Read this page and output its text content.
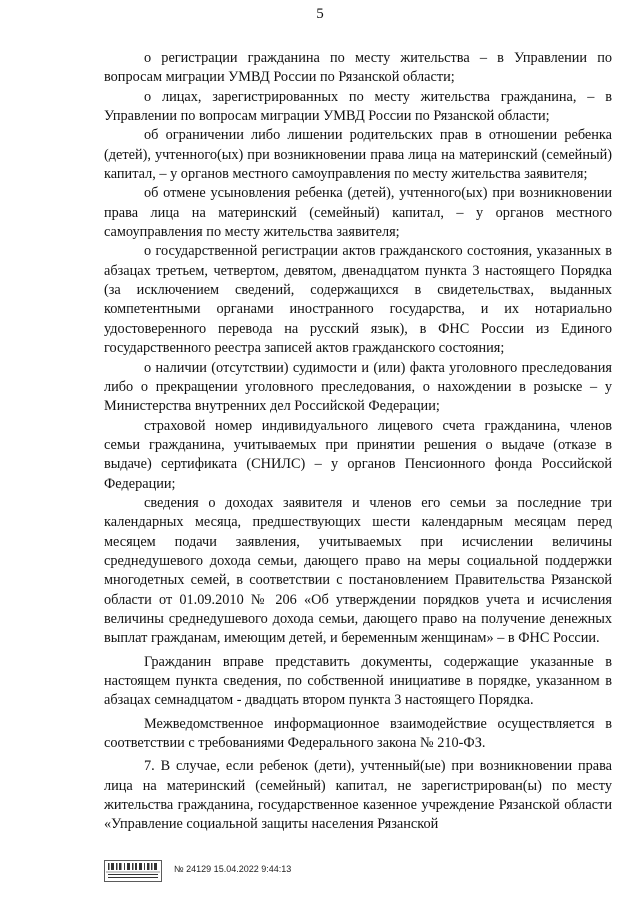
5

о регистрации гражданина по месту жительства – в Управлении по вопросам миграции УМВД России по Рязанской области;

о лицах, зарегистрированных по месту жительства гражданина, – в Управлении по вопросам миграции УМВД России по Рязанской области;

об ограничении либо лишении родительских прав в отношении ребенка (детей), учтенного(ых) при возникновении права лица на материнский (семейный) капитал, – у органов местного самоуправления по месту жительства заявителя;

об отмене усыновления ребенка (детей), учтенного(ых) при возникновении права лица на материнский (семейный) капитал, – у органов местного самоуправления по месту жительства заявителя;

о государственной регистрации актов гражданского состояния, указанных в абзацах третьем, четвертом, девятом, двенадцатом пункта 3 настоящего Порядка (за исключением сведений, содержащихся в свидетельствах, выданных компетентными органами иностранного государства, и их нотариально удостоверенного перевода на русский язык), в ФНС России из Единого государственного реестра записей актов гражданского состояния;

о наличии (отсутствии) судимости и (или) факта уголовного преследования либо о прекращении уголовного преследования, о нахождении в розыске – у Министерства внутренних дел Российской Федерации;

страховой номер индивидуального лицевого счета гражданина, членов семьи гражданина, учитываемых при принятии решения о выдаче (отказе в выдаче) сертификата (СНИЛС) – у органов Пенсионного фонда Российской Федерации;

сведения о доходах заявителя и членов его семьи за последние три календарных месяца, предшествующих шести календарным месяцам перед месяцем подачи заявления, учитываемых при исчислении величины среднедушевого дохода семьи, дающего право на меры социальной поддержки многодетных семей, в соответствии с постановлением Правительства Рязанской области от 01.09.2010 № 206 «Об утверждении порядков учета и исчисления величины среднедушевого дохода семьи, дающего право на получение денежных выплат гражданам, имеющим детей, и беременным женщинам» – в ФНС России.

Гражданин вправе представить документы, содержащие указанные в настоящем пункта сведения, по собственной инициативе в порядке, указанном в абзацах семнадцатом - двадцать втором пункта 3 настоящего Порядка.

Межведомственное информационное взаимодействие осуществляется в соответствии с требованиями Федерального закона № 210-ФЗ.

7. В случае, если ребенок (дети), учтенный(ые) при возникновении права лица на материнский (семейный) капитал, не зарегистрирован(ы) по месту жительства гражданина, государственное казенное учреждение Рязанской области «Управление социальной защиты населения Рязанской

№ 24129 15.04.2022 9:44:13
